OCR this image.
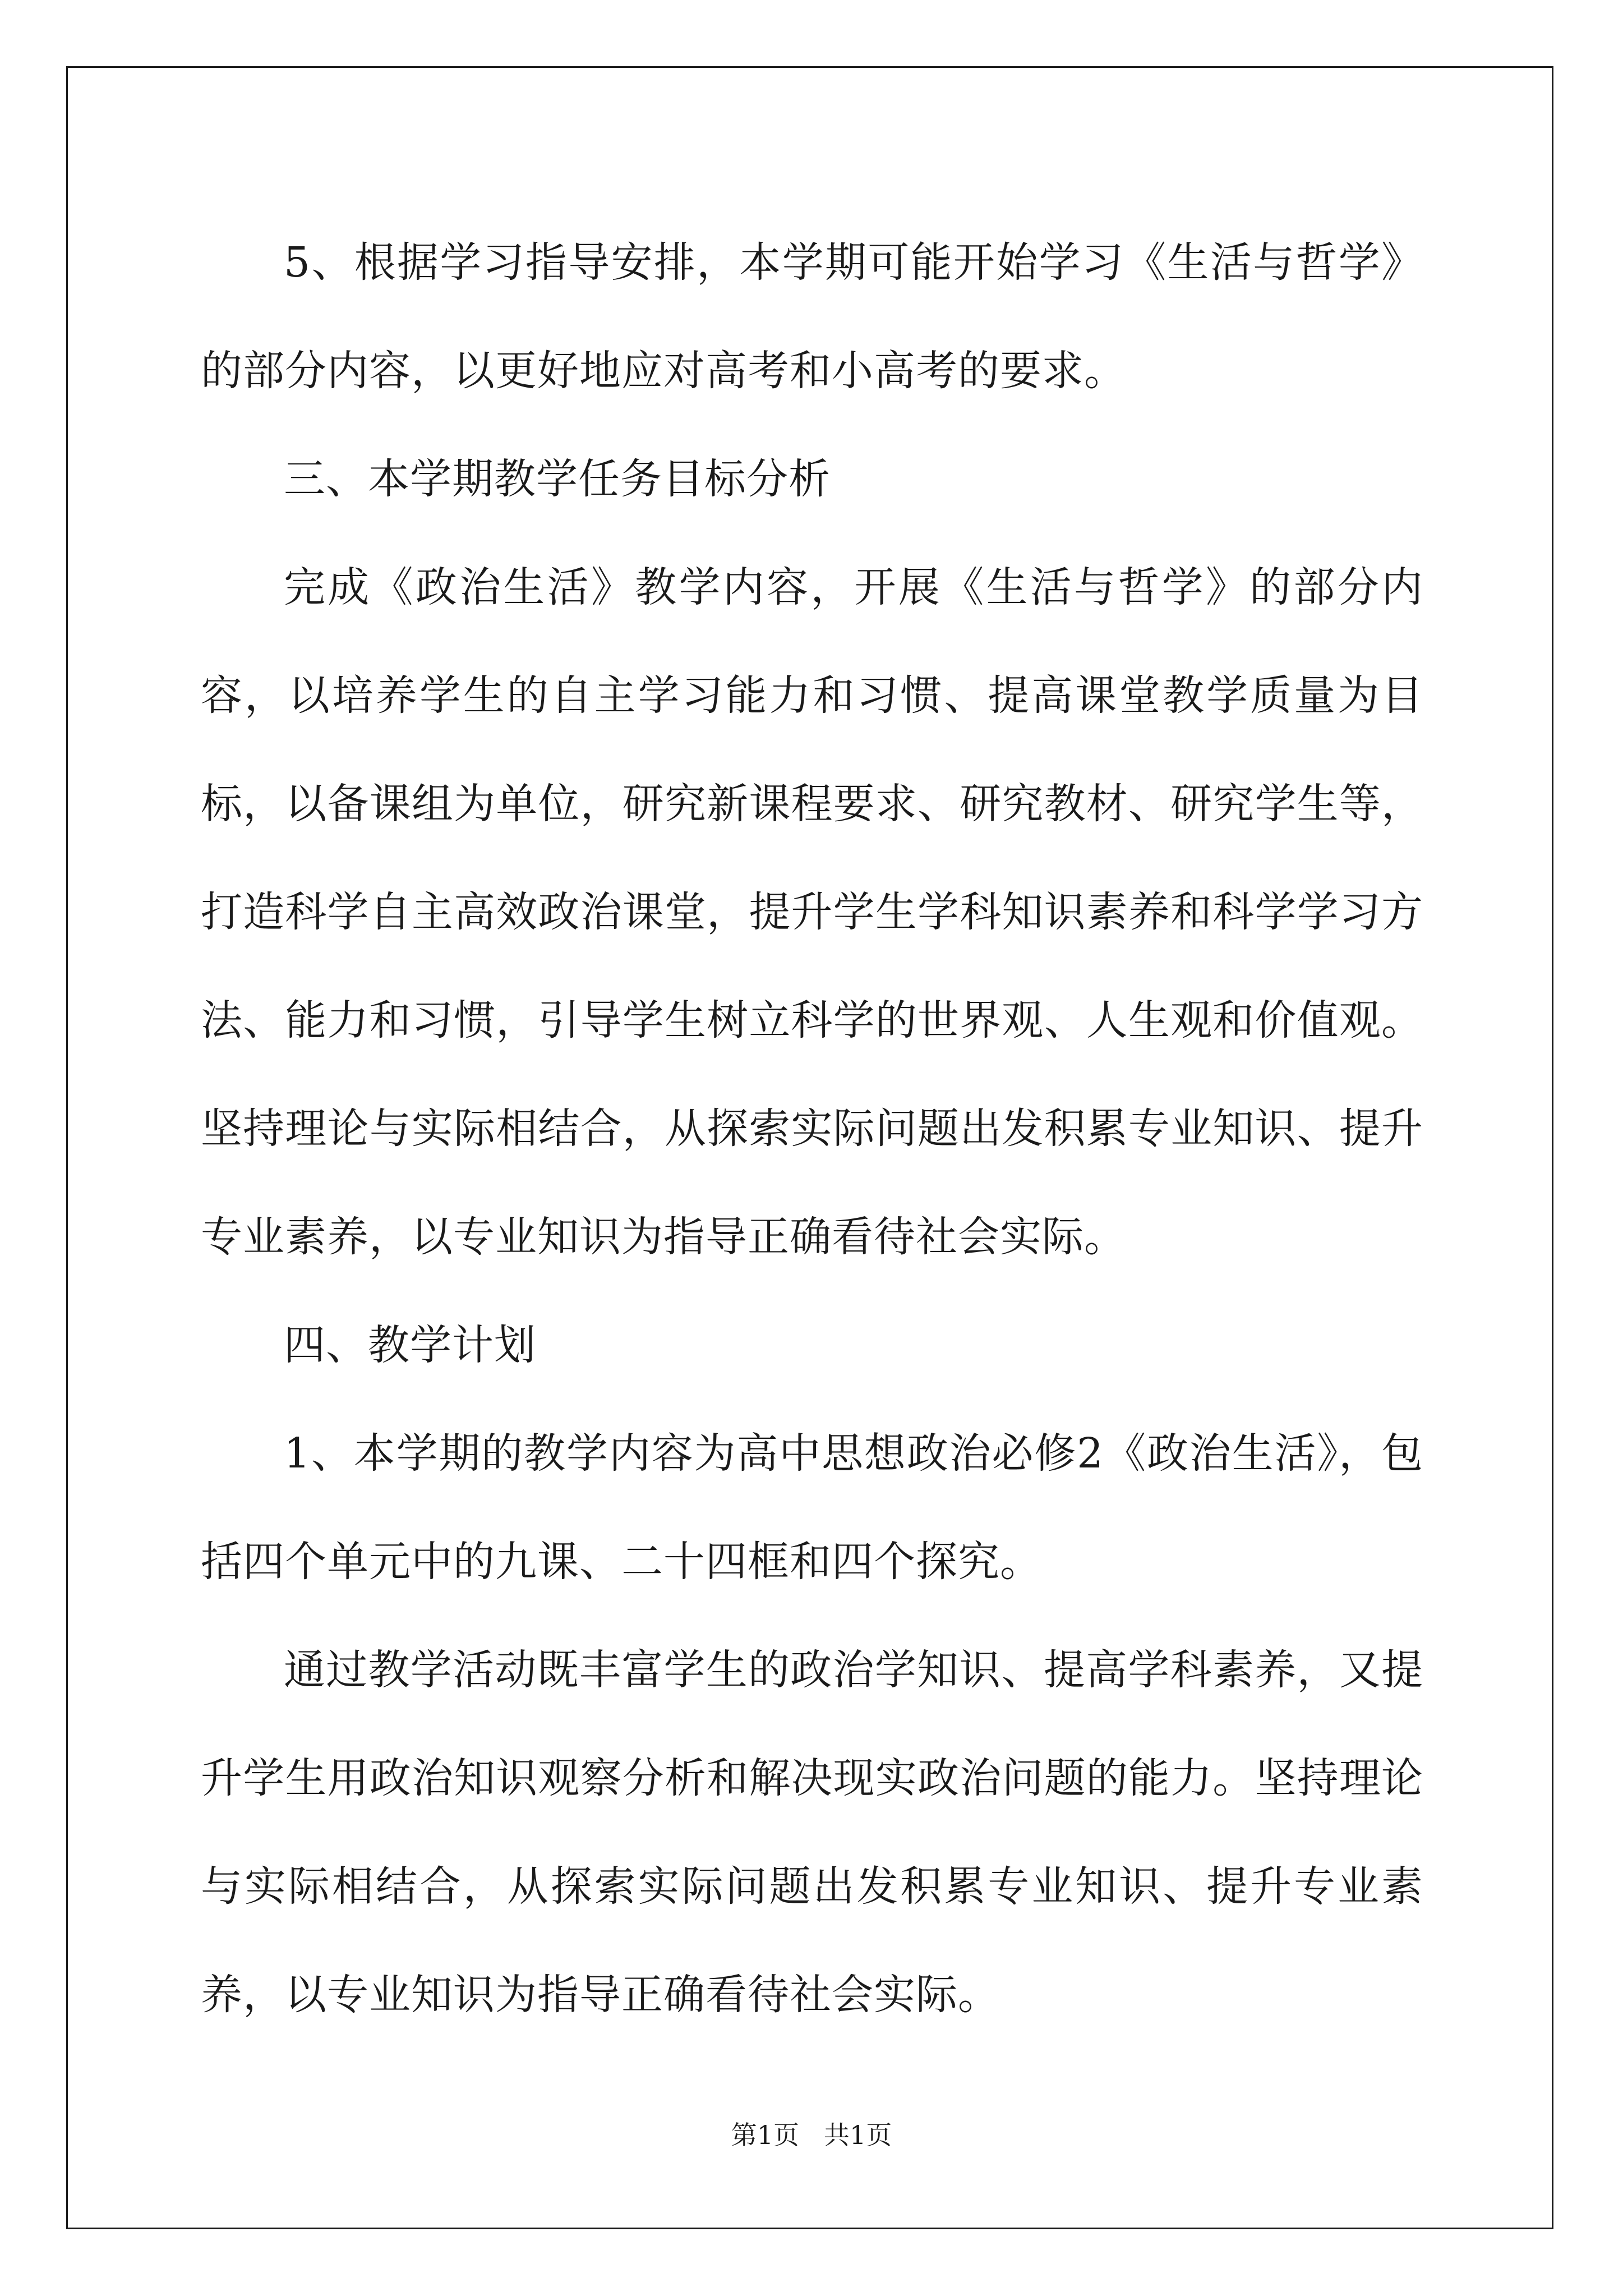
5、根据学习指导安排，本学期可能开始学习《生活与哲学》的部分内容，以更好地应对高考和小高考的要求。

三、本学期教学任务目标分析

完成《政治生活》教学内容，开展《生活与哲学》的部分内容，以培养学生的自主学习能力和习惯、提高课堂教学质量为目标，以备课组为单位，研究新课程要求、研究教材、研究学生等，打造科学自主高效政治课堂，提升学生学科知识素养和科学学习方法、能力和习惯，引导学生树立科学的世界观、人生观和价值观。坚持理论与实际相结合，从探索实际问题出发积累专业知识、提升专业素养，以专业知识为指导正确看待社会实际。

四、教学计划

1、本学期的教学内容为高中思想政治必修2《政治生活》，包括四个单元中的九课、二十四框和四个探究。

通过教学活动既丰富学生的政治学知识、提高学科素养，又提升学生用政治知识观察分析和解决现实政治问题的能力。坚持理论与实际相结合，从探索实际问题出发积累专业知识、提升专业素养，以专业知识为指导正确看待社会实际。

第1页 共1页
